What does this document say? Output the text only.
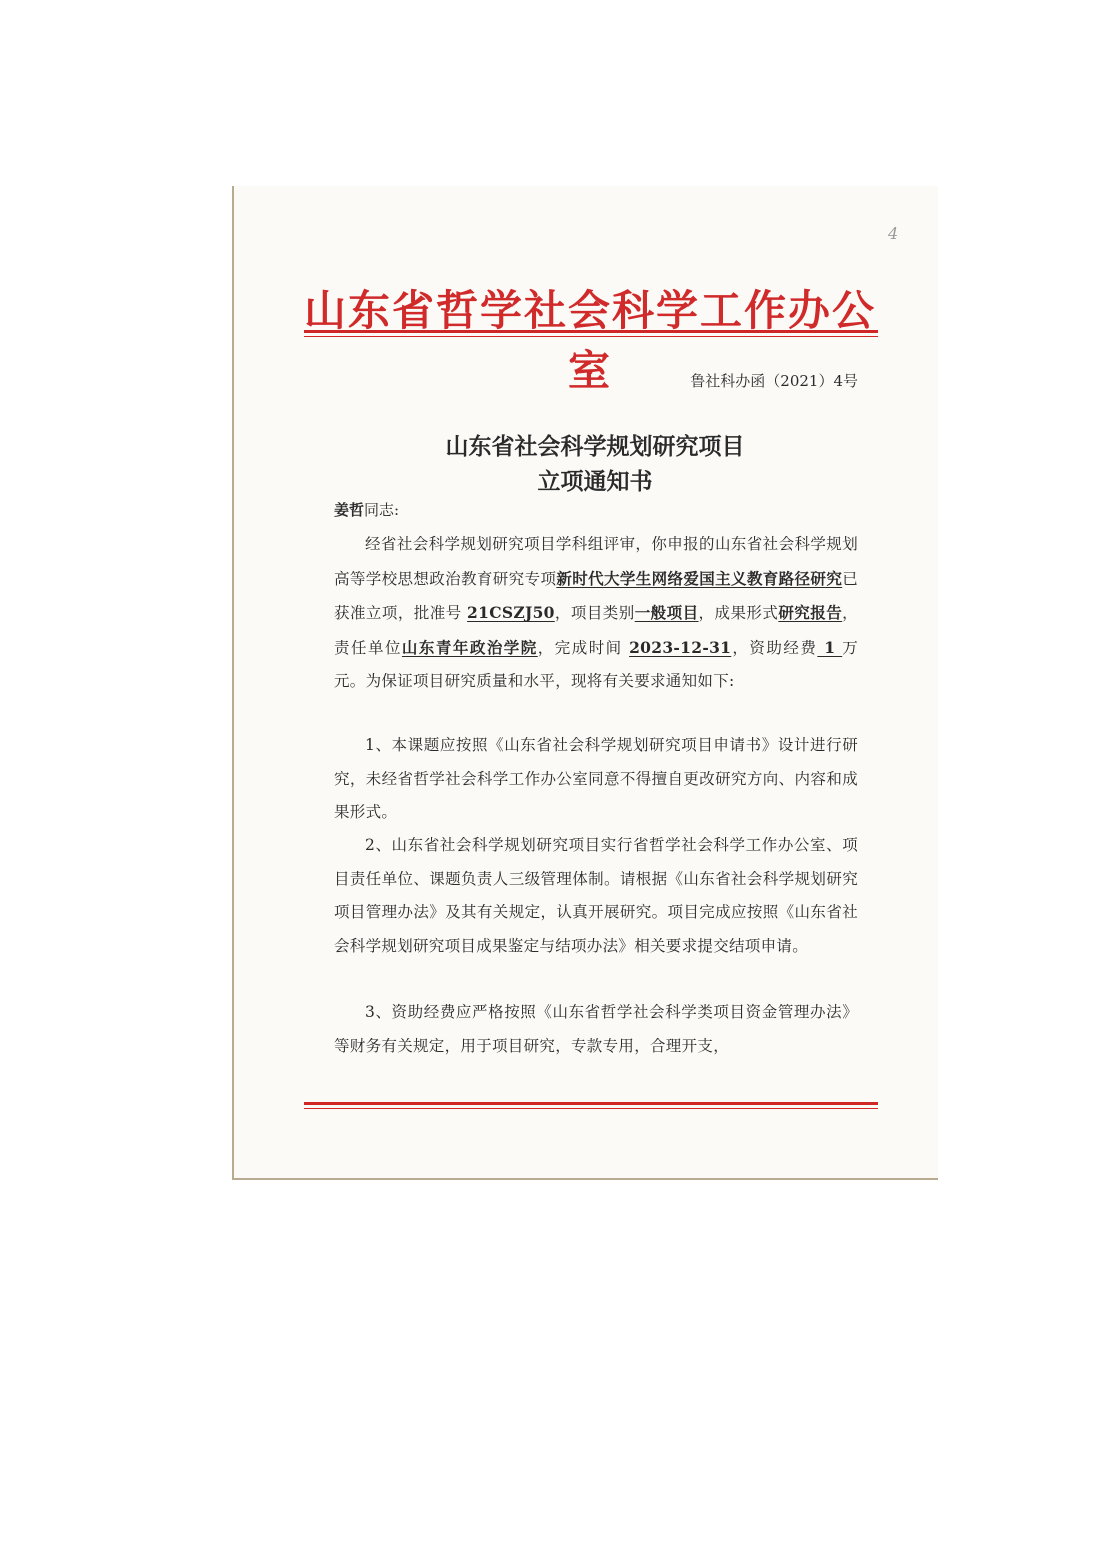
4
山东省哲学社会科学工作办公室	鲁社科办函（2021）4号
山东省社会科学规划研究项目
立项通知书
姜哲同志:

经省社会科学规划研究项目学科组评审，你申报的山东省社会科学规划高等学校思想政治教育研究专项新时代大学生网络爱国主义教育路径研究已获准立项，批准号 21CSZJ50，项目类别一般项目，成果形式研究报告，责任单位山东青年政治学院，完成时间 2023-12-31，资助经费 1 万元。为保证项目研究质量和水平，现将有关要求通知如下:

1、本课题应按照《山东省社会科学规划研究项目申请书》设计进行研究，未经省哲学社会科学工作办公室同意不得擅自更改研究方向、内容和成果形式。

2、山东省社会科学规划研究项目实行省哲学社会科学工作办公室、项目责任单位、课题负责人三级管理体制。请根据《山东省社会科学规划研究项目管理办法》及其有关规定，认真开展研究。项目完成应按照《山东省社会科学规划研究项目成果鉴定与结项办法》相关要求提交结项申请。

3、资助经费应严格按照《山东省哲学社会科学类项目资金管理办法》等财务有关规定，用于项目研究，专款专用，合理开支，
